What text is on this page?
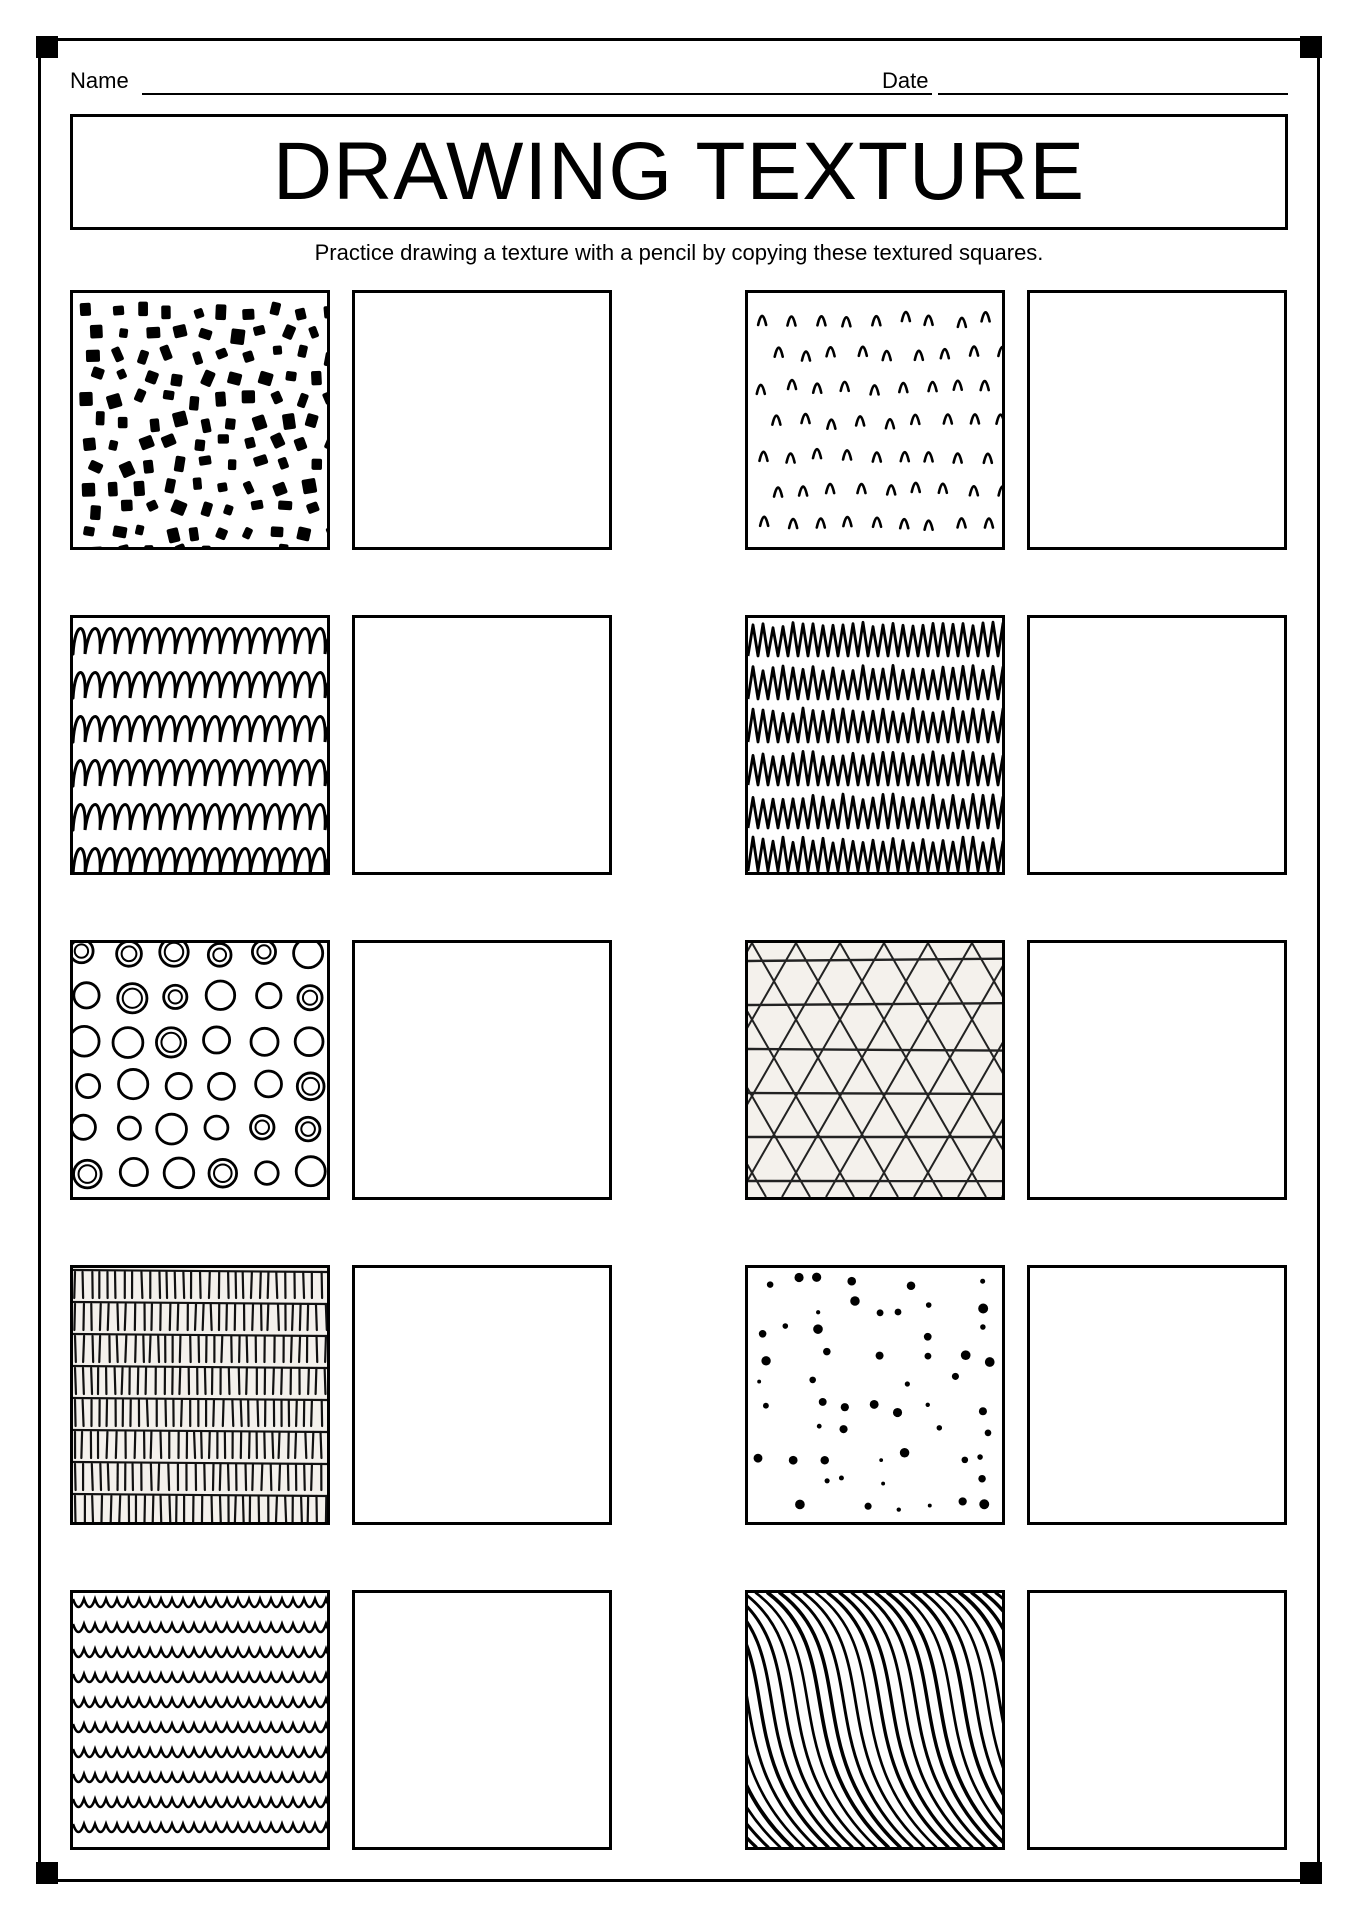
Name	Date
DRAWING TEXTURE
Practice drawing a texture with a pencil by copying these textured squares.
